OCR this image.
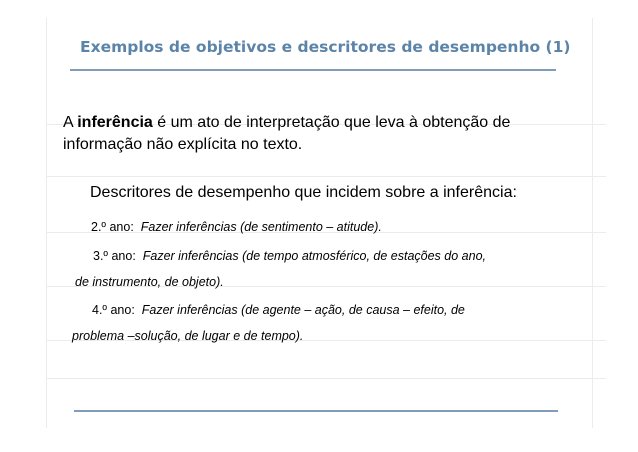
Exemplos de objetivos e descritores de desempenho (1)
A inferência é um ato de interpretação que leva à obtenção de
informação não explícita no texto.
Descritores de desempenho que incidem sobre a inferência:
2.º ano: Fazer inferências (de sentimento – atitude).
3.º ano: Fazer inferências (de tempo atmosférico, de estações do ano,
de instrumento, de objeto).
4.º ano: Fazer inferências (de agente – ação, de causa – efeito, de
problema –solução, de lugar e de tempo).
